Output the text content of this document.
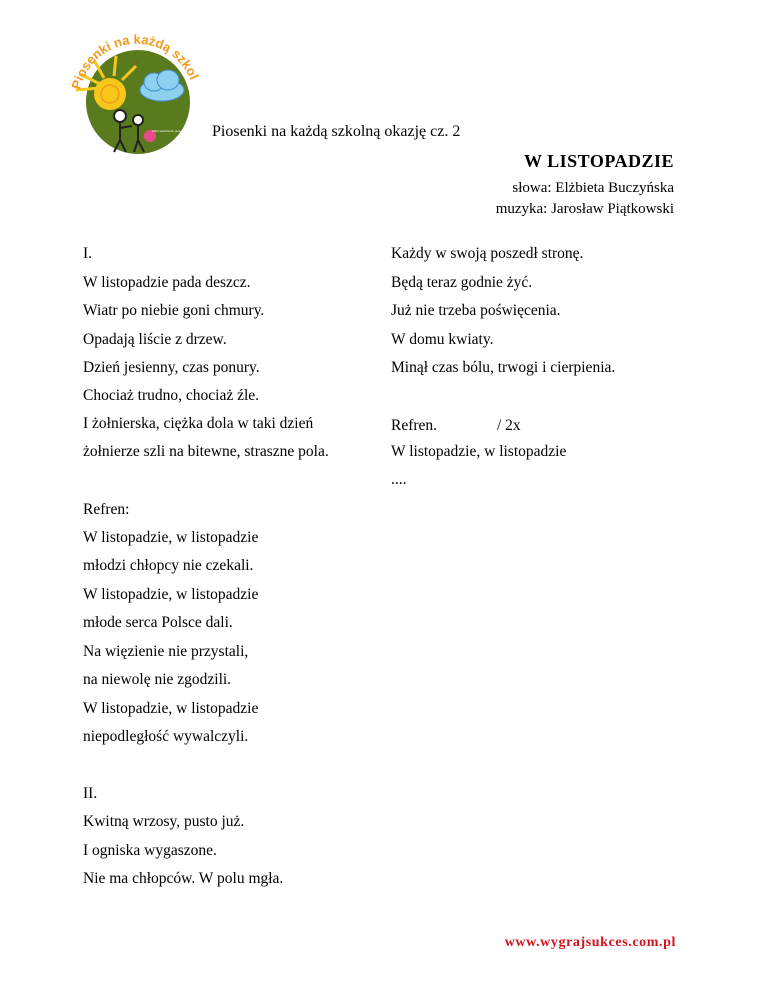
•
Piosenki na każdą szkol
Zbiór tekstów do piosenek okolicznościo Piosenki na każdą szkolną okazję cz. 2
W LISTOPADZIE
słowa: Elżbieta Buczyńska
muzyka: Jarosław Piątkowski
I.
W listopadzie pada deszcz.
Wiatr po niebie goni chmury.
Opadają liście z drzew.
Dzień jesienny, czas ponury.
Chociaż trudno, chociaż źle.
I żołnierska, ciężka dola w taki dzień
żołnierze szli na bitewne, straszne pola.
Refren:
W listopadzie, w listopadzie
młodzi chłopcy nie czekali.
W listopadzie, w listopadzie
młode serca Polsce dali.
Na więzienie nie przystali,
na niewolę nie zgodzili.
W listopadzie, w listopadzie
niepodległość wywalczyli.
II.
Kwitną wrzosy, pusto już.
I ogniska wygaszone.
Nie ma chłopców. W polu mgła.
Każdy w swoją poszedł stronę.
Będą teraz godnie żyć.
Już nie trzeba poświęcenia.
W domu kwiaty.
Minął czas bólu, trwogi i cierpienia.
Refren.
W listopadzie, w listopadzie
....
/ 2x
www.wygrajsukces.com.pl
